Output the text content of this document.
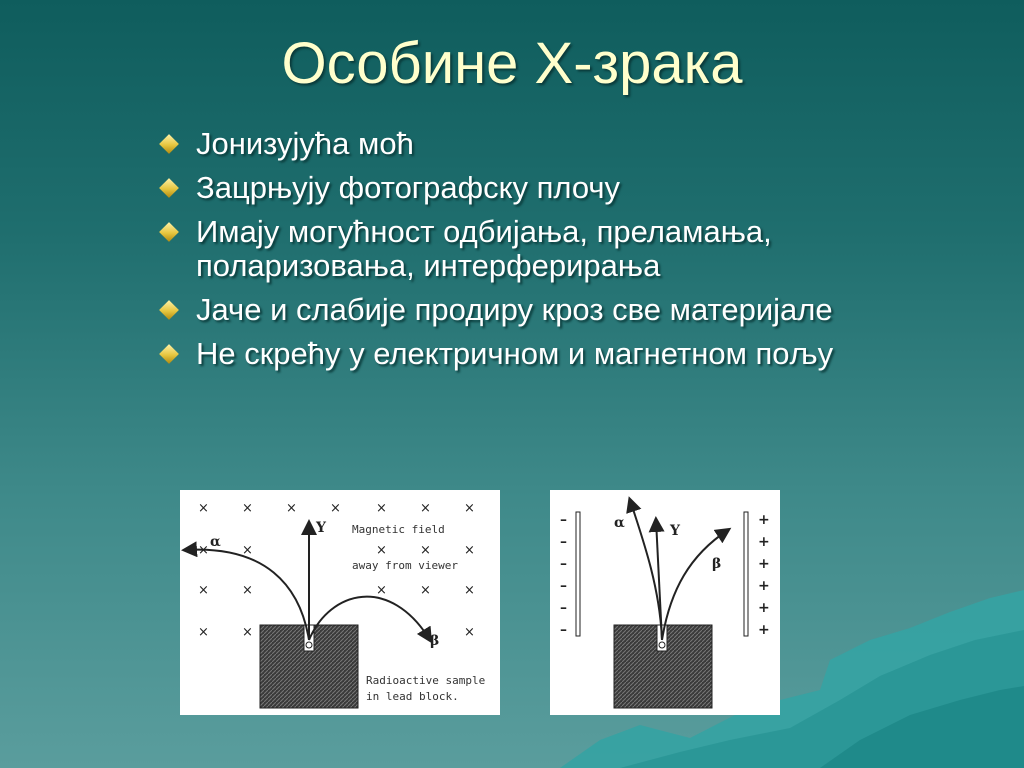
Особине X-зрака
Јонизујућа моћ
Зацрњују фотографску плочу
Имају могућност одбијања, преламања, поларизовања, интерферирања
Јаче и слабије продиру кроз све материјале
Не скрећу у електричном и магнетном пољу
×	×	×	×	×	×	×
×	×	×	×	×
×	×	×	×	×
×	×	×
α
Y
β
Magnetic field
away from viewer
Radioactive sample
in lead block.
–
–
–
–
–
–
+
+
+
+
+
+
α	Y
β
